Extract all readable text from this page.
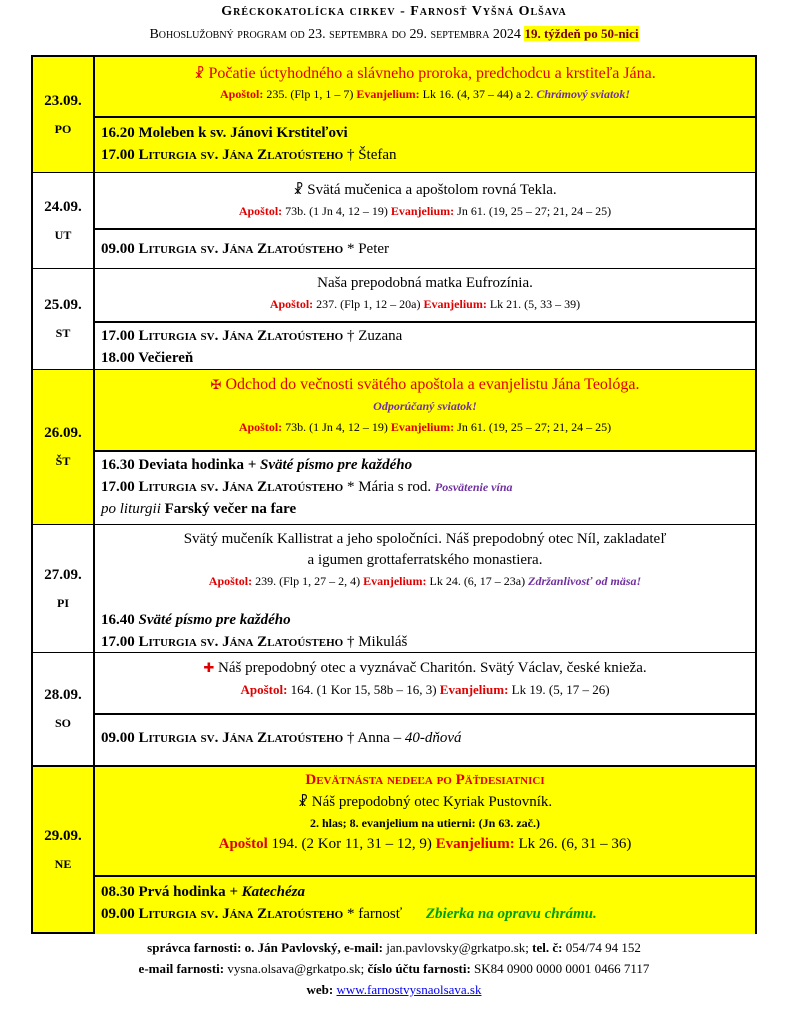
Gréckokatolícka cirkev - Farnosť Vyšná Olšava
Bohoslužobný program od 23. septembra do 29. septembra 2024 19. týždeň po 50-nici
23.09.
PO
☧ Počatie úctyhodného a slávneho proroka, predchodcu a krstiteľa Jána.
Apoštol: 235. (Flp 1, 1 – 7) Evanjelium: Lk 16. (4, 37 – 44) a 2. Chrámový sviatok!
16.20 Moleben k sv. Jánovi Krstiteľovi
17.00 Liturgia sv. Jána Zlatoústeho † Štefan
24.09.
UT
☧ Svätá mučenica a apoštolom rovná Tekla.
Apoštol: 73b. (1 Jn 4, 12 – 19) Evanjelium: Jn 61. (19, 25 – 27; 21, 24 – 25)
09.00 Liturgia sv. Jána Zlatoústeho * Peter
25.09.
ST
Naša prepodobná matka Eufrozínia.
Apoštol: 237. (Flp 1, 12 – 20a) Evanjelium: Lk 21. (5, 33 – 39)
17.00 Liturgia sv. Jána Zlatoústeho † Zuzana
18.00 Večiereň
26.09.
ŠT
✠ Odchod do večnosti svätého apoštola a evanjelistu Jána Teológa.
Odporúčaný sviatok!
Apoštol: 73b. (1 Jn 4, 12 – 19) Evanjelium: Jn 61. (19, 25 – 27; 21, 24 – 25)
16.30 Deviata hodinka + Sväté písmo pre každého
17.00 Liturgia sv. Jána Zlatoústeho * Mária s rod. Posvätenie vína
po liturgii Farský večer na fare
27.09.
PI
Svätý mučeník Kallistrat a jeho spoločníci. Náš prepodobný otec Níl, zakladateľ
a igumen grottaferratského monastiera.
Apoštol: 239. (Flp 1, 27 – 2, 4) Evanjelium: Lk 24. (6, 17 – 23a) Zdržanlivosť od mäsa!
16.40 Sväté písmo pre každého
17.00 Liturgia sv. Jána Zlatoústeho † Mikuláš
28.09.
SO
✚ Náš prepodobný otec a vyznávač Charitón. Svätý Václav, české knieža.
Apoštol: 164. (1 Kor 15, 58b – 16, 3) Evanjelium: Lk 19. (5, 17 – 26)
09.00 Liturgia sv. Jána Zlatoústeho † Anna – 40-dňová
29.09.
NE
Devätnásta nedeľa po Päťdesiatnici
☧ Náš prepodobný otec Kyriak Pustovník.
2. hlas; 8. evanjelium na utierni: (Jn 63. zač.)
Apoštol 194. (2 Kor 11, 31 – 12, 9) Evanjelium: Lk 26. (6, 31 – 36)
08.30 Prvá hodinka + Katechéza
09.00 Liturgia sv. Jána Zlatoústeho * farnosť Zbierka na opravu chrámu.
správca farnosti: o. Ján Pavlovský, e-mail: jan.pavlovsky@grkatpo.sk; tel. č: 054/74 94 152
e-mail farnosti: vysna.olsava@grkatpo.sk; číslo účtu farnosti: SK84 0900 0000 0001 0466 7117
web: www.farnostvysnaolsava.sk
